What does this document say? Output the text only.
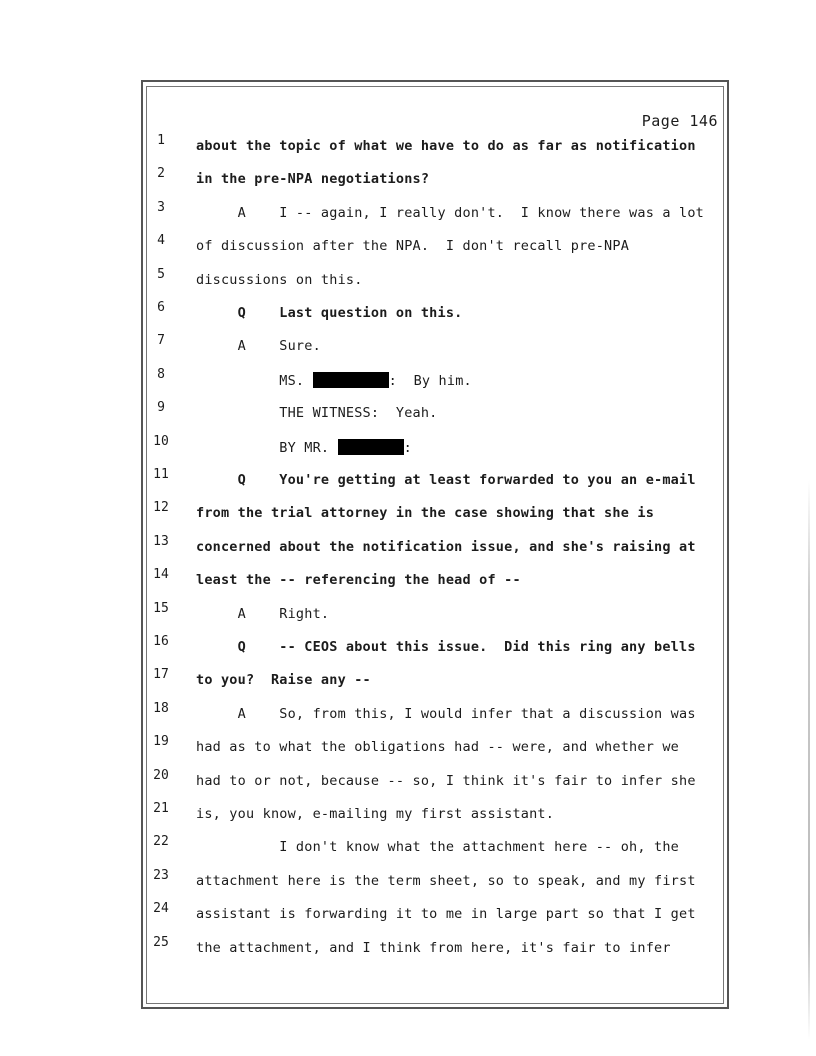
Page 146
1	about the topic of what we have to do as far as notification
2	in the pre-NPA negotiations?
3	A    I -- again, I really don't.  I know there was a lot
4	of discussion after the NPA.  I don't recall pre-NPA
5	discussions on this.
6	Q    Last question on this.
7	A    Sure.
8	MS.	:  By him.
9	THE WITNESS:  Yeah.
10 BY MR.	:
11 Q    You're getting at least forwarded to you an e-mail
12 from the trial attorney in the case showing that she is
13 concerned about the notification issue, and she's raising at
14 least the -- referencing the head of --
15 A    Right.
16 Q    -- CEOS about this issue.  Did this ring any bells
17 to you?  Raise any --
18 A    So, from this, I would infer that a discussion was
19 had as to what the obligations had -- were, and whether we
20 had to or not, because -- so, I think it's fair to infer she
21 is, you know, e-mailing my first assistant.
22 I don't know what the attachment here -- oh, the
23 attachment here is the term sheet, so to speak, and my first
24 assistant is forwarding it to me in large part so that I get
25 the attachment, and I think from here, it's fair to infer
